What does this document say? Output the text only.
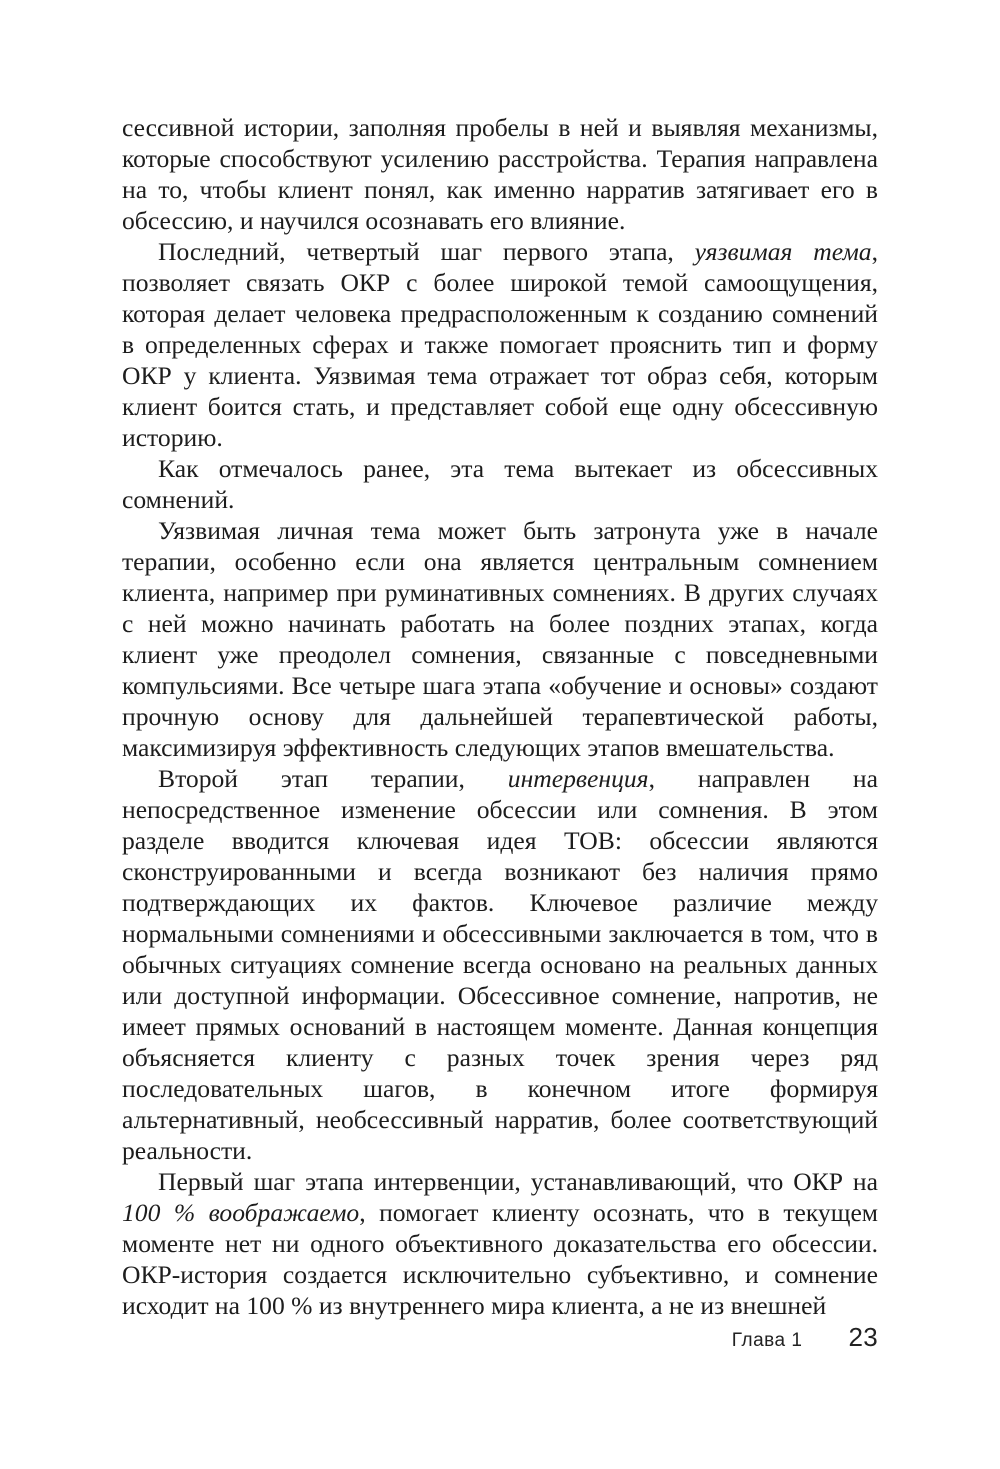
сессивной истории, заполняя пробелы в ней и выявляя механизмы, которые способствуют усилению расстройства. Терапия направлена на то, чтобы клиент понял, как именно нарратив затягивает его в обсессию, и научился осознавать его влияние.

Последний, четвертый шаг первого этапа, уязвимая тема, позволяет связать ОКР с более широкой темой самоощущения, которая делает человека предрасположенным к созданию сомнений в определенных сферах и также помогает прояснить тип и форму ОКР у клиента. Уязвимая тема отражает тот образ себя, которым клиент боится стать, и представляет собой еще одну обсессивную историю.

Как отмечалось ранее, эта тема вытекает из обсессивных сомнений.

Уязвимая личная тема может быть затронута уже в начале терапии, особенно если она является центральным сомнением клиента, например при руминативных сомнениях. В других случаях с ней можно начинать работать на более поздних этапах, когда клиент уже преодолел сомнения, связанные с повседневными компульсиями. Все четыре шага этапа «обучение и основы» создают прочную основу для дальнейшей терапевтической работы, максимизируя эффективность следующих этапов вмешательства.

Второй этап терапии, интервенция, направлен на непосредственное изменение обсессии или сомнения. В этом разделе вводится ключевая идея ТОВ: обсессии являются сконструированными и всегда возникают без наличия прямо подтверждающих их фактов. Ключевое различие между нормальными сомнениями и обсессивными заключается в том, что в обычных ситуациях сомнение всегда основано на реальных данных или доступной информации. Обсессивное сомнение, напротив, не имеет прямых оснований в настоящем моменте. Данная концепция объясняется клиенту с разных точек зрения через ряд последовательных шагов, в конечном итоге формируя альтернативный, необсессивный нарратив, более соответствующий реальности.

Первый шаг этапа интервенции, устанавливающий, что ОКР на 100 % воображаемо, помогает клиенту осознать, что в текущем моменте нет ни одного объективного доказательства его обсессии. ОКР-история создается исключительно субъективно, и сомнение исходит на 100 % из внутреннего мира клиента, а не из внешней

Глава 1 23
